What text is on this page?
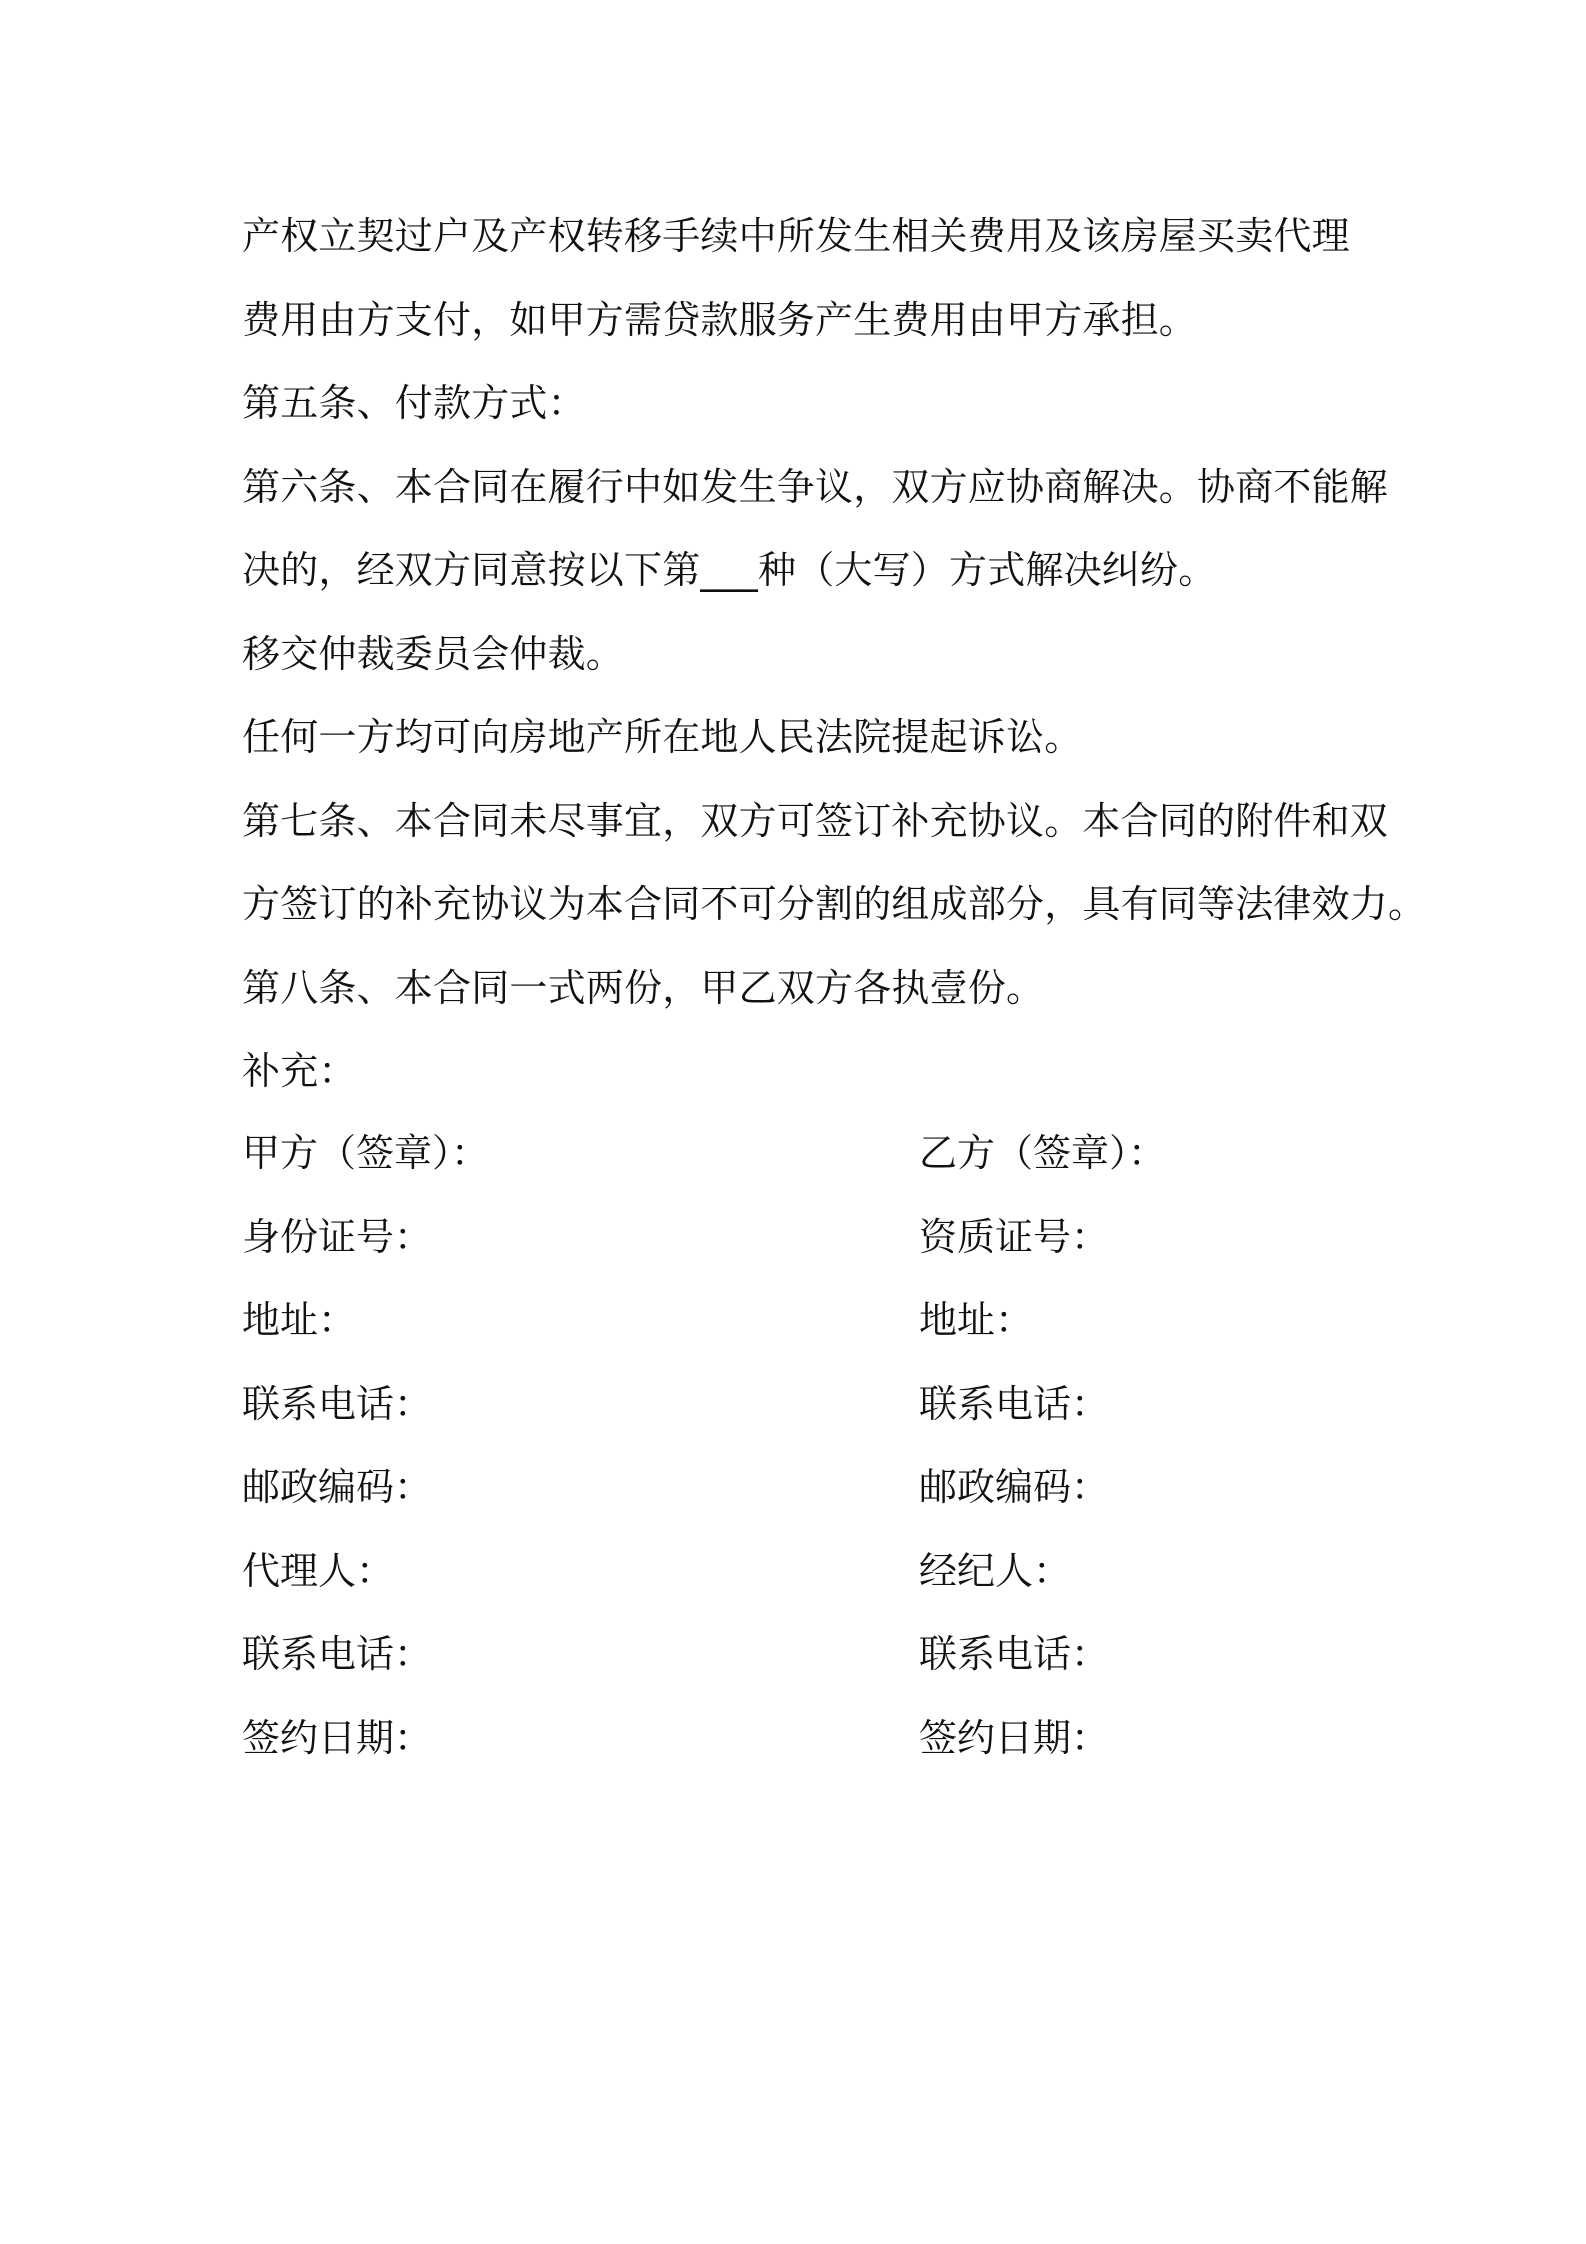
产权立契过户及产权转移手续中所发生相关费用及该房屋买卖代理
费用由方支付，如甲方需贷款服务产生费用由甲方承担。
第五条、付款方式：
第六条、本合同在履行中如发生争议，双方应协商解决。协商不能解
决的，经双方同意按以下第___种（大写）方式解决纠纷。
移交仲裁委员会仲裁。
任何一方均可向房地产所在地人民法院提起诉讼。
第七条、本合同未尽事宜，双方可签订补充协议。本合同的附件和双
方签订的补充协议为本合同不可分割的组成部分，具有同等法律效力。
第八条、本合同一式两份，甲乙双方各执壹份。
补充：
甲方（签章）：	乙方（签章）：
身份证号：	资质证号：
地址：	地址：
联系电话：	联系电话：
邮政编码：	邮政编码：
代理人：	经纪人：
联系电话：	联系电话：
签约日期：	签约日期：
